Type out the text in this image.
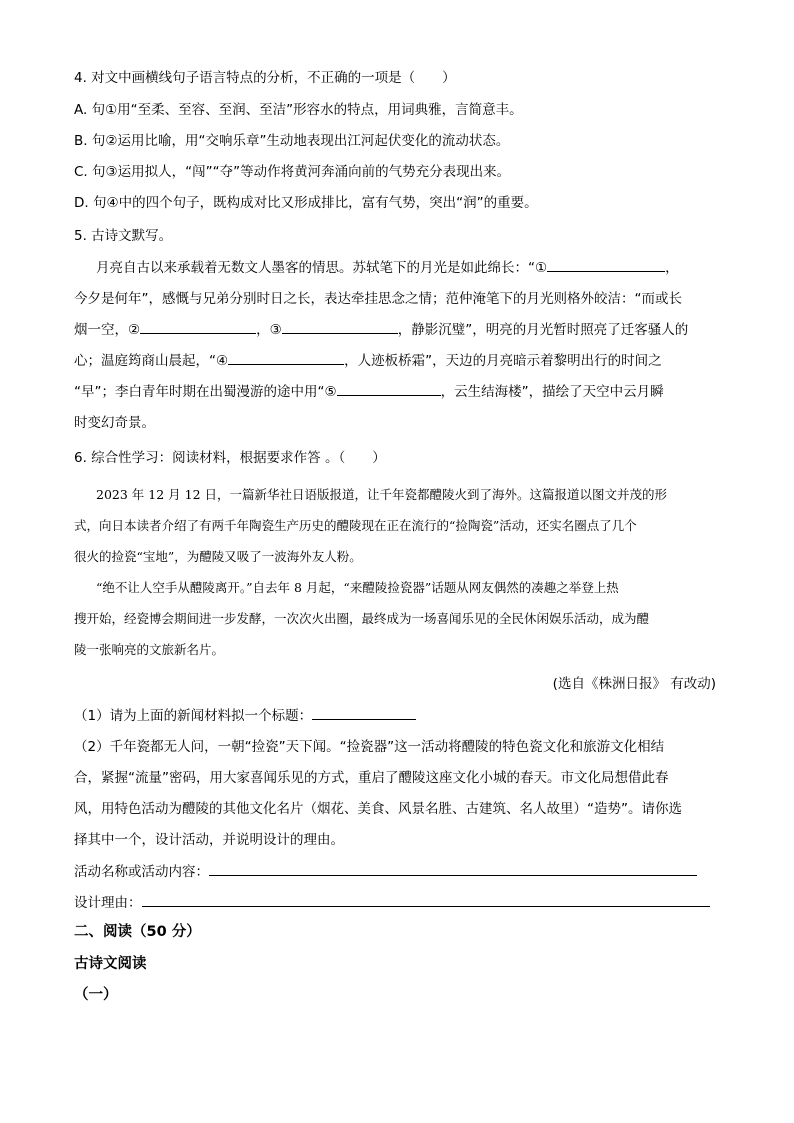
4. 对文中画横线句子语言特点的分析，不正确的一项是（　　）
A. 句①用“至柔、至容、至润、至洁”形容水的特点，用词典雅，言简意丰。
B. 句②运用比喻，用“交响乐章”生动地表现出江河起伏变化的流动状态。
C. 句③运用拟人，“闯”“夺”等动作将黄河奔涌向前的气势充分表现出来。
D. 句④中的四个句子，既构成对比又形成排比，富有气势，突出“润”的重要。
5. 古诗文默写。
月亮自古以来承载着无数文人墨客的情思。苏轼笔下的月光是如此绵长：“①	，
今夕是何年”，感慨与兄弟分别时日之长，表达牵挂思念之情；范仲淹笔下的月光则格外皎洁：“而或长
烟一空，②	，③	，静影沉璧”，明亮的月光暂时照亮了迁客骚人的
心；温庭筠商山晨起，“④	，人迹板桥霜”，天边的月亮暗示着黎明出行的时间之
“早”；李白青年时期在出蜀漫游的途中用“⑤	，云生结海楼”，描绘了天空中云月瞬
时变幻奇景。
6. 综合性学习：阅读材料，根据要求作答 。（　　）
2023 年 12 月 12 日，一篇新华社日语版报道，让千年瓷都醴陵火到了海外。这篇报道以图文并茂的形
式，向日本读者介绍了有两千年陶瓷生产历史的醴陵现在正在流行的“捡陶瓷”活动，还实名圈点了几个
很火的捡瓷“宝地”，为醴陵又吸了一波海外友人粉。
“绝不让人空手从醴陵离开。”自去年 8 月起，“来醴陵捡瓷器”话题从网友偶然的凑趣之举登上热
搜开始，经瓷博会期间进一步发酵，一次次火出圈，最终成为一场喜闻乐见的全民休闲娱乐活动，成为醴
陵一张响亮的文旅新名片。
(选自《株洲日报》 有改动)
（1）请为上面的新闻材料拟一个标题：
（2）千年瓷都无人问，一朝“捡瓷”天下闻。“捡瓷器”这一活动将醴陵的特色瓷文化和旅游文化相结
合，紧握“流量”密码，用大家喜闻乐见的方式，重启了醴陵这座文化小城的春天。市文化局想借此春
风，用特色活动为醴陵的其他文化名片（烟花、美食、风景名胜、古建筑、名人故里）“造势”。请你选
择其中一个，设计活动，并说明设计的理由。
活动名称或活动内容：
设计理由：
二、阅读（50 分）
古诗文阅读
（一）
